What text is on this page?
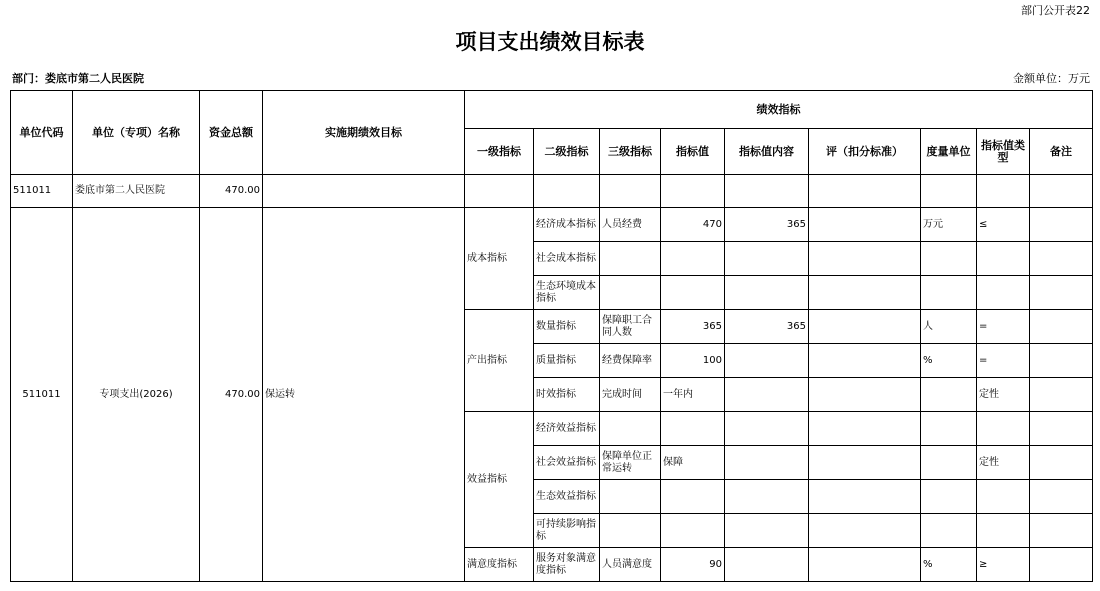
部门公开表22
项目支出绩效目标表
部门：娄底市第二人民医院	金额单位：万元
单位代码	单位（专项）名称	资金总额	实施期绩效目标	绩效指标								
				一级指标	二级指标	三级指标	指标值	指标值内容	评（扣分标准）	度量单位	指标值类型	备注
511011	娄底市第二人民医院	470.00										
511011	专项支出(2026)	470.00	保运转	成本指标	经济成本指标	人员经费	470	365		万元	≤	
					社会成本指标							
					生态环境成本指标							
				产出指标	数量指标	保障职工合同人数	365	365		人	=	
					质量指标	经费保障率	100			%	=	
					时效指标	完成时间	一年内				定性	
				效益指标	经济效益指标							
					社会效益指标	保障单位正常运转	保障				定性	
					生态效益指标							
					可持续影响指标							
				满意度指标	服务对象满意度指标	人员满意度	90			%	≥	
